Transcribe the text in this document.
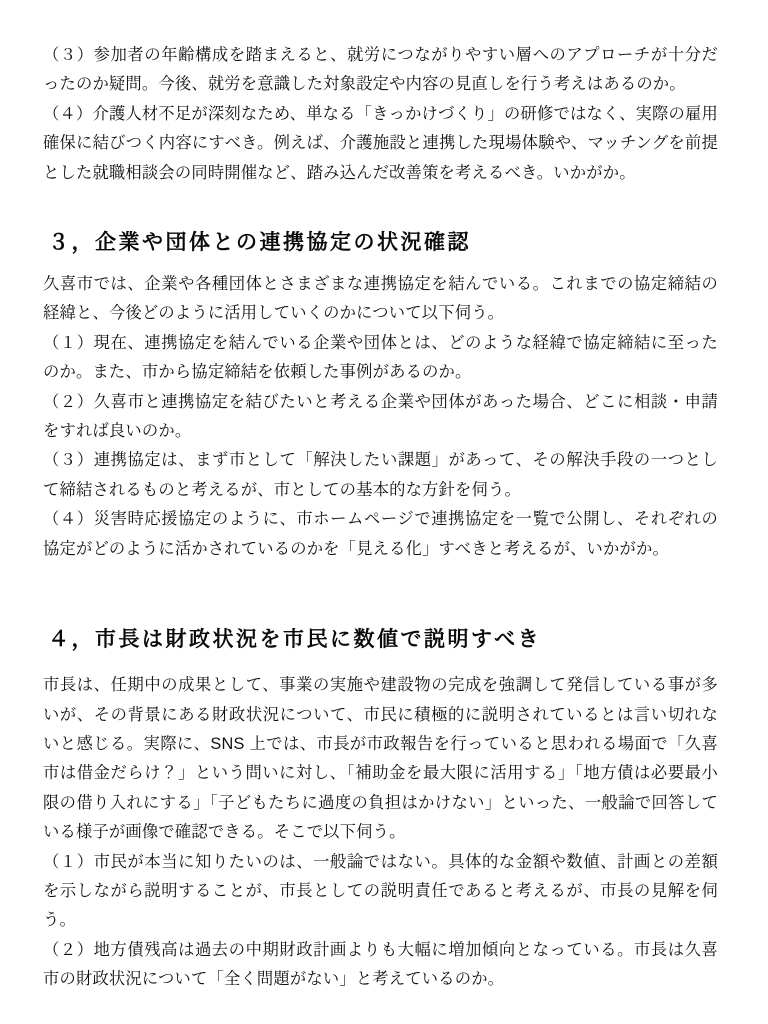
（３）参加者の年齢構成を踏まえると、就労につながりやすい層へのアプローチが十分だったのか疑問。今後、就労を意識した対象設定や内容の見直しを行う考えはあるのか。

（４）介護人材不足が深刻なため、単なる「きっかけづくり」の研修ではなく、実際の雇用確保に結びつく内容にすべき。例えば、介護施設と連携した現場体験や、マッチングを前提とした就職相談会の同時開催など、踏み込んだ改善策を考えるべき。いかがか。

３，企業や団体との連携協定の状況確認

久喜市では、企業や各種団体とさまざまな連携協定を結んでいる。これまでの協定締結の経緯と、今後どのように活用していくのかについて以下伺う。

（１）現在、連携協定を結んでいる企業や団体とは、どのような経緯で協定締結に至ったのか。また、市から協定締結を依頼した事例があるのか。

（２）久喜市と連携協定を結びたいと考える企業や団体があった場合、どこに相談・申請をすれば良いのか。

（３）連携協定は、まず市として「解決したい課題」があって、その解決手段の一つとして締結されるものと考えるが、市としての基本的な方針を伺う。

（４）災害時応援協定のように、市ホームページで連携協定を一覧で公開し、それぞれの協定がどのように活かされているのかを「見える化」すべきと考えるが、いかがか。

４，市長は財政状況を市民に数値で説明すべき

市長は、任期中の成果として、事業の実施や建設物の完成を強調して発信している事が多いが、その背景にある財政状況について、市民に積極的に説明されているとは言い切れないと感じる。実際に、SNS 上では、市長が市政報告を行っていると思われる場面で「久喜市は借金だらけ？」という問いに対し、「補助金を最大限に活用する」「地方債は必要最小限の借り入れにする」「子どもたちに過度の負担はかけない」といった、一般論で回答している様子が画像で確認できる。そこで以下伺う。

（１）市民が本当に知りたいのは、一般論ではない。具体的な金額や数値、計画との差額を示しながら説明することが、市長としての説明責任であると考えるが、市長の見解を伺う。

（２）地方債残高は過去の中期財政計画よりも大幅に増加傾向となっている。市長は久喜市の財政状況について「全く問題がない」と考えているのか。
